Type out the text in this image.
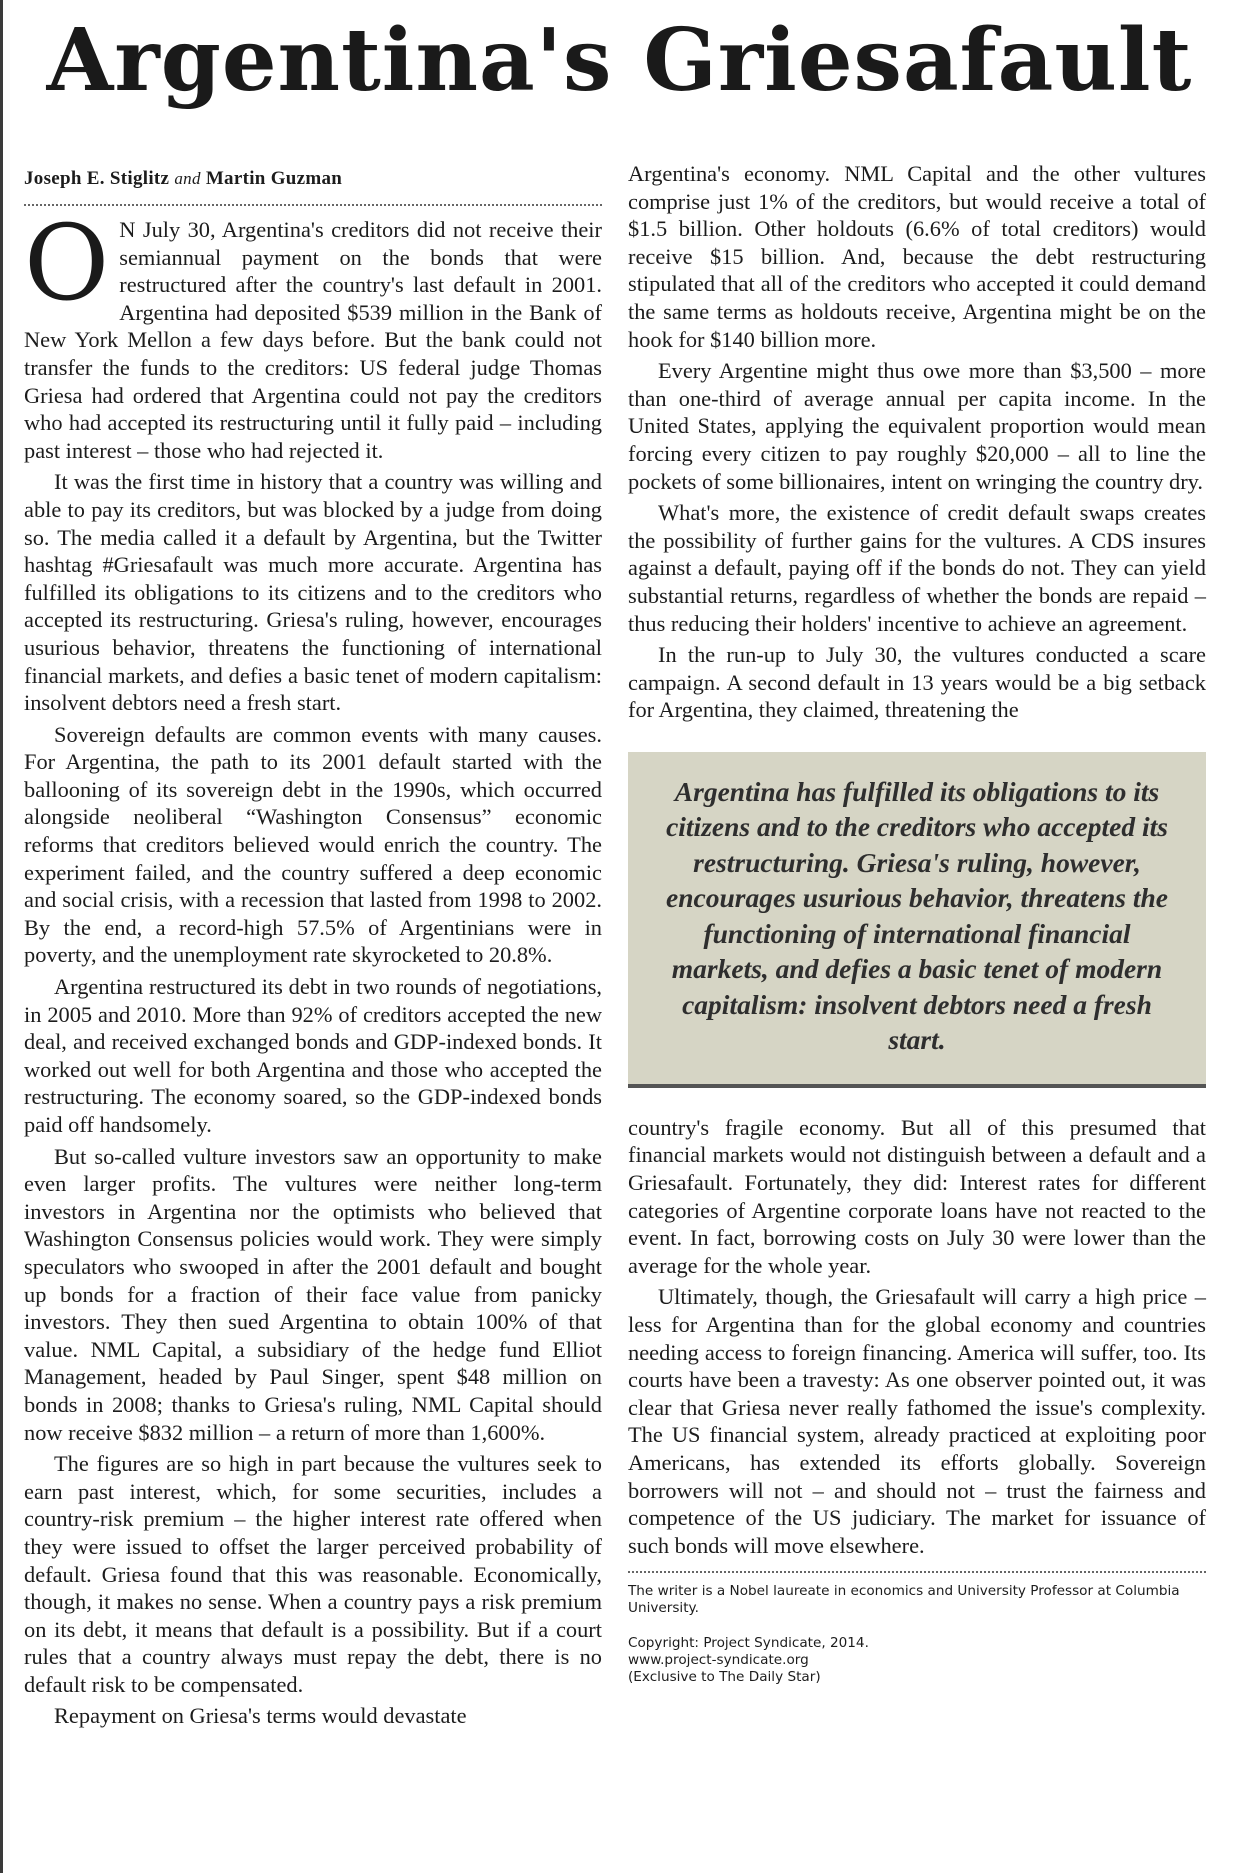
Argentina's Griesafault
Joseph E. Stiglitz and Martin Guzman

O N July 30, Argentina's creditors did not receive their semiannual payment on the bonds that were restructured after the country's last default in 2001. Argentina had deposited $539 million in the Bank of New York Mellon a few days before. But the bank could not transfer the funds to the creditors: US federal judge Thomas Griesa had ordered that Argentina could not pay the creditors who had accepted its restructuring until it fully paid – including past interest – those who had rejected it.

It was the first time in history that a country was willing and able to pay its creditors, but was blocked by a judge from doing so. The media called it a default by Argentina, but the Twitter hashtag #Griesafault was much more accurate. Argentina has fulfilled its obligations to its citizens and to the creditors who accepted its restructuring. Griesa's ruling, however, encourages usurious behavior, threatens the functioning of international financial markets, and defies a basic tenet of modern capitalism: insolvent debtors need a fresh start.

Sovereign defaults are common events with many causes. For Argentina, the path to its 2001 default started with the ballooning of its sovereign debt in the 1990s, which occurred alongside neoliberal “Washington Consensus” economic reforms that creditors believed would enrich the country. The experiment failed, and the country suffered a deep economic and social crisis, with a recession that lasted from 1998 to 2002. By the end, a record-high 57.5% of Argentinians were in poverty, and the unemployment rate skyrocketed to 20.8%.

Argentina restructured its debt in two rounds of negotiations, in 2005 and 2010. More than 92% of creditors accepted the new deal, and received exchanged bonds and GDP-indexed bonds. It worked out well for both Argentina and those who accepted the restructuring. The economy soared, so the GDP-indexed bonds paid off handsomely.

But so-called vulture investors saw an opportunity to make even larger profits. The vultures were neither long-term investors in Argentina nor the optimists who believed that Washington Consensus policies would work. They were simply speculators who swooped in after the 2001 default and bought up bonds for a fraction of their face value from panicky investors. They then sued Argentina to obtain 100% of that value. NML Capital, a subsidiary of the hedge fund Elliot Management, headed by Paul Singer, spent $48 million on bonds in 2008; thanks to Griesa's ruling, NML Capital should now receive $832 million – a return of more than 1,600%.

The figures are so high in part because the vultures seek to earn past interest, which, for some securities, includes a country-risk premium – the higher interest rate offered when they were issued to offset the larger perceived probability of default. Griesa found that this was reasonable. Economically, though, it makes no sense. When a country pays a risk premium on its debt, it means that default is a possibility. But if a court rules that a country always must repay the debt, there is no default risk to be compensated.

Repayment on Griesa's terms would devastate

Argentina's economy. NML Capital and the other vultures comprise just 1% of the creditors, but would receive a total of $1.5 billion. Other holdouts (6.6% of total creditors) would receive $15 billion. And, because the debt restructuring stipulated that all of the creditors who accepted it could demand the same terms as holdouts receive, Argentina might be on the hook for $140 billion more.

Every Argentine might thus owe more than $3,500 – more than one-third of average annual per capita income. In the United States, applying the equivalent proportion would mean forcing every citizen to pay roughly $20,000 – all to line the pockets of some billionaires, intent on wringing the country dry.

What's more, the existence of credit default swaps creates the possibility of further gains for the vultures. A CDS insures against a default, paying off if the bonds do not. They can yield substantial returns, regardless of whether the bonds are repaid – thus reducing their holders' incentive to achieve an agreement.

In the run-up to July 30, the vultures conducted a scare campaign. A second default in 13 years would be a big setback for Argentina, they claimed, threatening the

Argentina has fulfilled its obligations to its citizens and to the creditors who accepted its restructuring. Griesa's ruling, however, encourages usurious behavior, threatens the functioning of international financial markets, and defies a basic tenet of modern capitalism: insolvent debtors need a fresh start.

country's fragile economy. But all of this presumed that financial markets would not distinguish between a default and a Griesafault. Fortunately, they did: Interest rates for different categories of Argentine corporate loans have not reacted to the event. In fact, borrowing costs on July 30 were lower than the average for the whole year.

Ultimately, though, the Griesafault will carry a high price – less for Argentina than for the global economy and countries needing access to foreign financing. America will suffer, too. Its courts have been a travesty: As one observer pointed out, it was clear that Griesa never really fathomed the issue's complexity. The US financial system, already practiced at exploiting poor Americans, has extended its efforts globally. Sovereign borrowers will not – and should not – trust the fairness and competence of the US judiciary. The market for issuance of such bonds will move elsewhere.

The writer is a Nobel laureate in economics and University Professor at Columbia University.
Copyright: Project Syndicate, 2014.
www.project-syndicate.org
(Exclusive to The Daily Star)
